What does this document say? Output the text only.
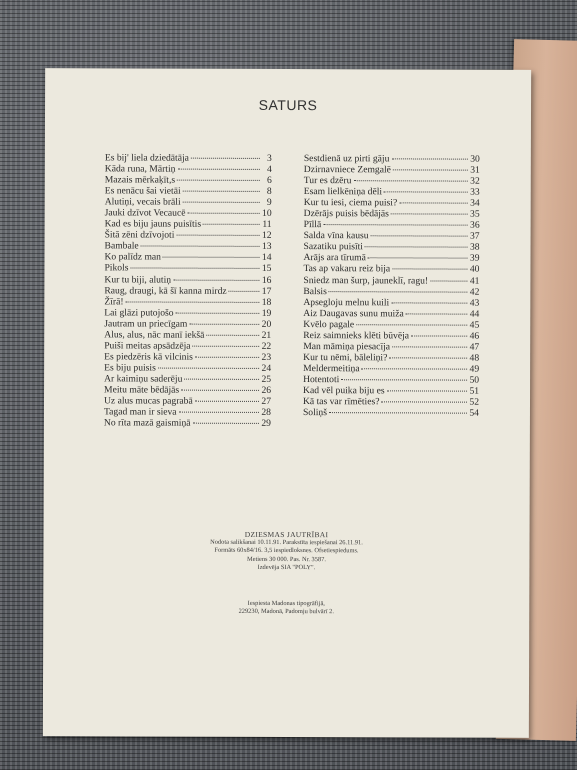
SATURS
Es bij' liela dziedātāja	3
Kāda runa, Mārtiņ	4
Mazais mērkaķīt,s	6
Es nenācu šai vietāi	8
Alutiņi, vecais brāli	9
Jauki dzīvot Vecaucē	10
Kad es biju jauns puisītis	11
Šitā zēni dzīvojoti	12
Bambale	13
Ko palīdz man	14
Pikols	15
Kur tu biji, alutiņ	16
Raug, draugi, kā šī kanna mirdz	17
Žīrā!	18
Lai glāzi putojošo	19
Jautram un priecīgam	20
Alus, alus, nāc manī iekšā	21
Puiši meitas apsādzēja	22
Es piedzēris kā vilcinis	23
Es biju puisis	24
Ar kaimiņu saderēju	25
Meitu māte bēdājās	26
Uz alus mucas pagrabā	27
Tagad man ir sieva	28
No rīta mazā gaismiņā	29
Sestdienā uz pirti gāju	30
Dzirnavniece Zemgalē	31
Tur es dzēru	32
Esam lielkēniņa dēli	33
Kur tu iesi, ciema puisi?	34
Dzērājs puisis bēdājās	35
Pīllā	36
Salda vīna kausu	37
Sazatiku puisīti	38
Arājs ara tīrumā	39
Tas ap vakaru reiz bija	40
Sniedz man šurp, jauneklī, ragu!	41
Balsis	42
Apsegloju melnu kuili	43
Aiz Daugavas sunu muiža	44
Kvēlo pagale	45
Reiz saimnieks klēti būvēja	46
Man māmiņa piesacīja	47
Kur tu nēmi, bāleliņi?	48
Meldermeitiņa	49
Hotentoti	50
Kad vēl puika biju es	51
Kā tas var rīmēties?	52
Soliņš	54
DZIESMAS JAUTRĪBAI
Nodota salikšanai 10.11.91. Parakstīta iespiešanai 26.11.91.
Formāts 60x84/16. 3,5 iespiedloksnes. Ofsetiespiedums.
Metiens 30 000. Pas. Nr. 3587.
Izdevēja SIA "POLY".
Iespiesta Madonas tipogrāfijā,
229230, Madonā, Padomju bulvārī 2.
